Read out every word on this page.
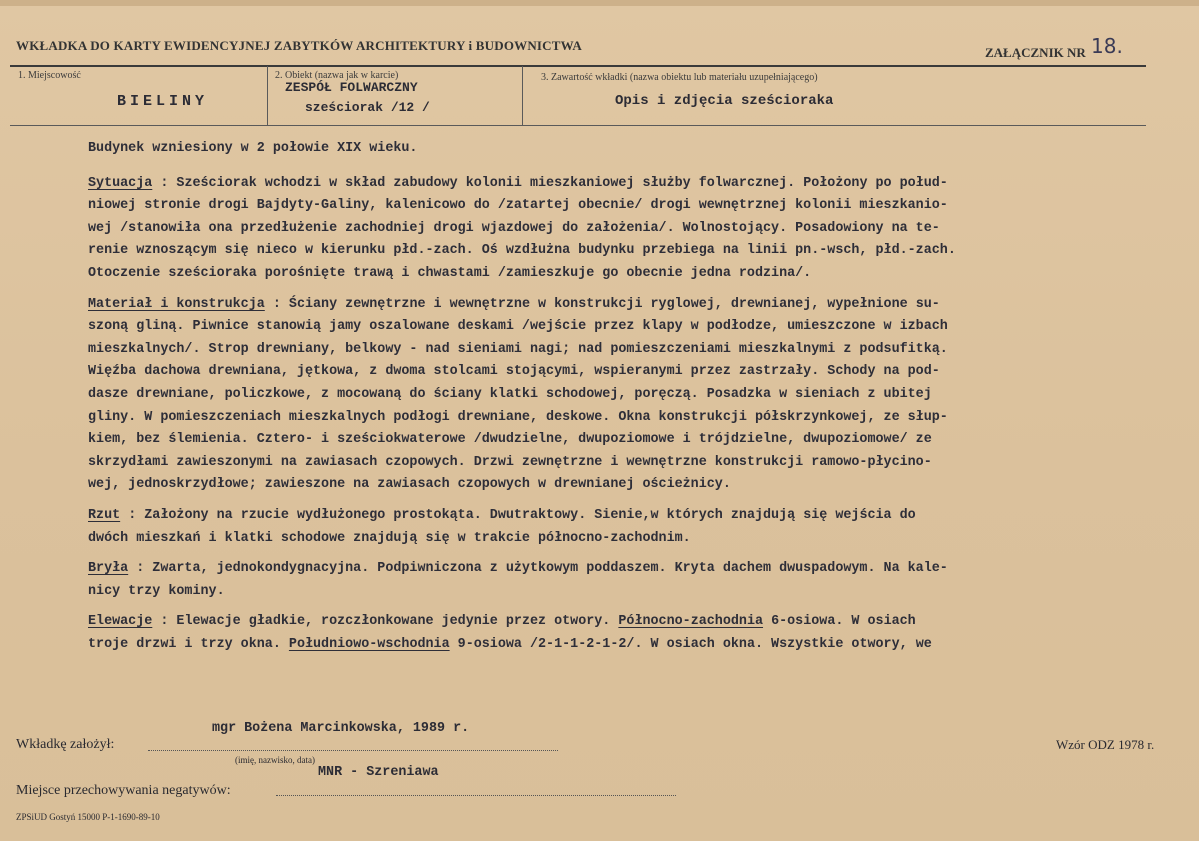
WKŁADKA DO KARTY EWIDENCYJNEJ ZABYTKÓW ARCHITEKTURY i BUDOWNICTWA	ZAŁĄCZNIK NR 18.
1. Miejscowość
BIELINY
2. Obiekt (nazwa jak w karcie)
ZESPÓŁ FOLWARCZNY
sześciorak /12 /
3. Zawartość wkładki (nazwa obiektu lub materiału uzupełniającego)
Opis i zdjęcia sześcioraka

Budynek wzniesiony w 2 połowie XIX wieku.

Sytuacja : Sześciorak wchodzi w skład zabudowy kolonii mieszkaniowej służby folwarcznej. Położony po połud-
niowej stronie drogi Bajdyty-Galiny, kalenicowo do /zatartej obecnie/ drogi wewnętrznej kolonii mieszkanio-
wej /stanowiła ona przedłużenie zachodniej drogi wjazdowej do założenia/. Wolnostojący. Posadowiony na te-
renie wznoszącym się nieco w kierunku płd.-zach. Oś wzdłużna budynku przebiega na linii pn.-wsch, płd.-zach.
Otoczenie sześcioraka porośnięte trawą i chwastami /zamieszkuje go obecnie jedna rodzina/.

Materiał i konstrukcja : Ściany zewnętrzne i wewnętrzne w konstrukcji ryglowej, drewnianej, wypełnione su-
szoną gliną. Piwnice stanowią jamy oszalowane deskami /wejście przez klapy w podłodze, umieszczone w izbach
mieszkalnych/. Strop drewniany, belkowy - nad sieniami nagi; nad pomieszczeniami mieszkalnymi z podsufitką.
Więźba dachowa drewniana, jętkowa, z dwoma stolcami stojącymi, wspieranymi przez zastrzały. Schody na pod-
dasze drewniane, policzkowe, z mocowaną do ściany klatki schodowej, poręczą. Posadzka w sieniach z ubitej
gliny. W pomieszczeniach mieszkalnych podłogi drewniane, deskowe. Okna konstrukcji półskrzynkowej, ze słup-
kiem, bez ślemienia. Cztero- i sześciokwaterowe /dwudzielne, dwupoziomowe i trójdzielne, dwupoziomowe/ ze
skrzydłami zawieszonymi na zawiasach czopowych. Drzwi zewnętrzne i wewnętrzne konstrukcji ramowo-płycino-
wej, jednoskrzydłowe; zawieszone na zawiasach czopowych w drewnianej ościeżnicy.

Rzut : Założony na rzucie wydłużonego prostokąta. Dwutraktowy. Sienie,w których znajdują się wejścia do
dwóch mieszkań i klatki schodowe znajdują się w trakcie północno-zachodnim.

Bryła : Zwarta, jednokondygnacyjna. Podpiwniczona z użytkowym poddaszem. Kryta dachem dwuspadowym. Na kale-
nicy trzy kominy.

Elewacje : Elewacje gładkie, rozczłonkowane jedynie przez otwory. Północno-zachodnia 6-osiowa. W osiach
troje drzwi i trzy okna. Południowo-wschodnia 9-osiowa /2-1-1-2-1-2/. W osiach okna. Wszystkie otwory, we

Wkładkę założył:
mgr Bożena Marcinkowska, 1989 r.
(imię, nazwisko, data)
Wzór ODZ 1978 r.
MNR - Szreniawa
Miejsce przechowywania negatywów:
ZPSiUD Gostyń 15000 P-1-1690-89-10
